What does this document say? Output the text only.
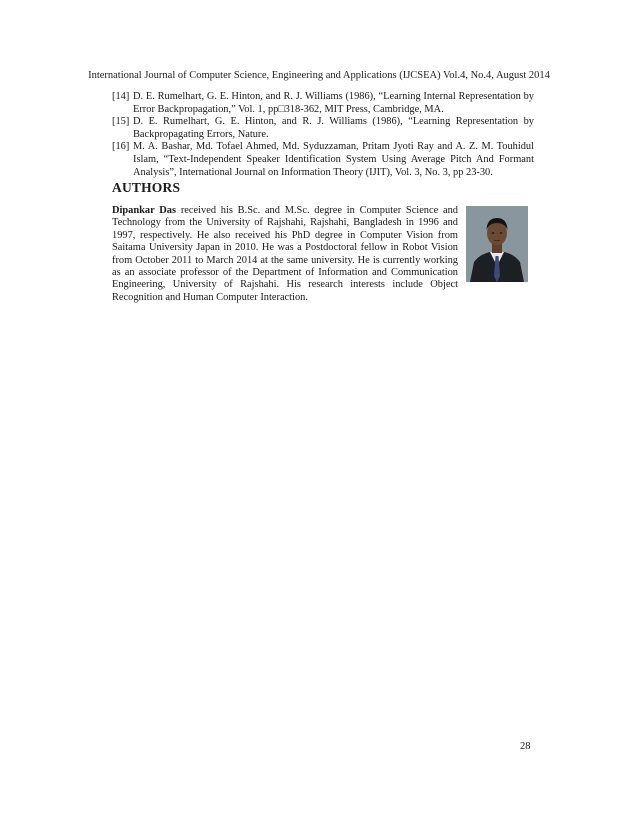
International Journal of Computer Science, Engineering and Applications (IJCSEA) Vol.4, No.4, August 2014
[14] D. E. Rumelhart, G. E. Hinton, and R. J. Williams (1986), “Learning Internal Representation by Error Backpropagation,” Vol. 1, pp□318-362, MIT Press, Cambridge, MA.
[15] D. E. Rumelhart, G. E. Hinton, and R. J. Williams (1986), “Learning Representation by Backpropagating Errors, Nature.
[16] M. A. Bashar, Md. Tofael Ahmed, Md. Syduzzaman, Pritam Jyoti Ray and A. Z. M. Touhidul Islam, “Text-Independent Speaker Identification System Using Average Pitch And Formant Analysis”, International Journal on Information Theory (IJIT), Vol. 3, No. 3, pp 23-30.
AUTHORS
Dipankar Das received his B.Sc. and M.Sc. degree in Computer Science and Technology from the University of Rajshahi, Rajshahi, Bangladesh in 1996 and 1997, respectively. He also received his PhD degree in Computer Vision from Saitama University Japan in 2010. He was a Postdoctoral fellow in Robot Vision from October 2011 to March 2014 at the same university. He is currently working as an associate professor of the Department of Information and Communication Engineering, University of Rajshahi. His research interests include Object Recognition and Human Computer Interaction.
28
